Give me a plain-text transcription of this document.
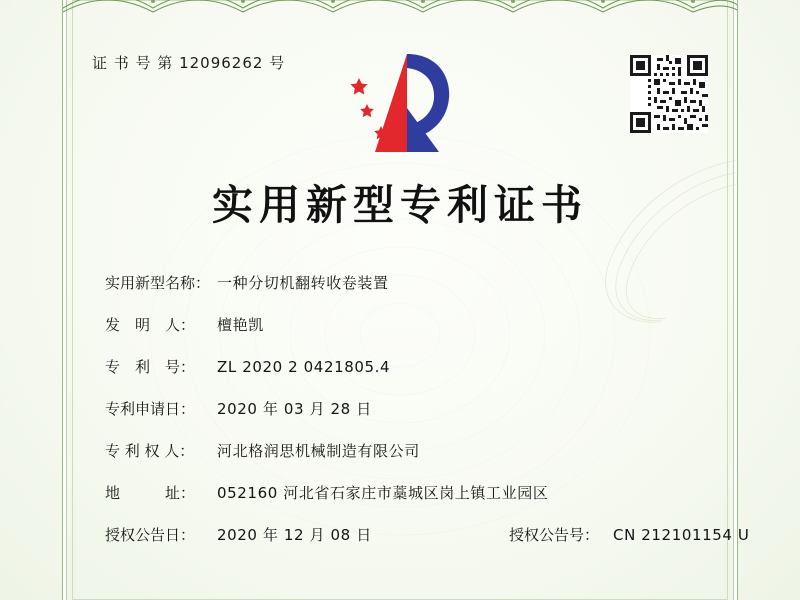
证 书 号 第 12096262 号
实用新型专利证书
实用新型名称： 一种分切机翻转收卷装置
发　明　人：	檀艳凯
专　利　号：	ZL 2020 2 0421805.4
专利申请日：	2020 年 03 月 28 日
专 利 权 人：	河北格润思机械制造有限公司
地　　　址：	052160 河北省石家庄市藁城区岗上镇工业园区
授权公告日：	2020 年 12 月 08 日	授权公告号： CN 212101154 U
